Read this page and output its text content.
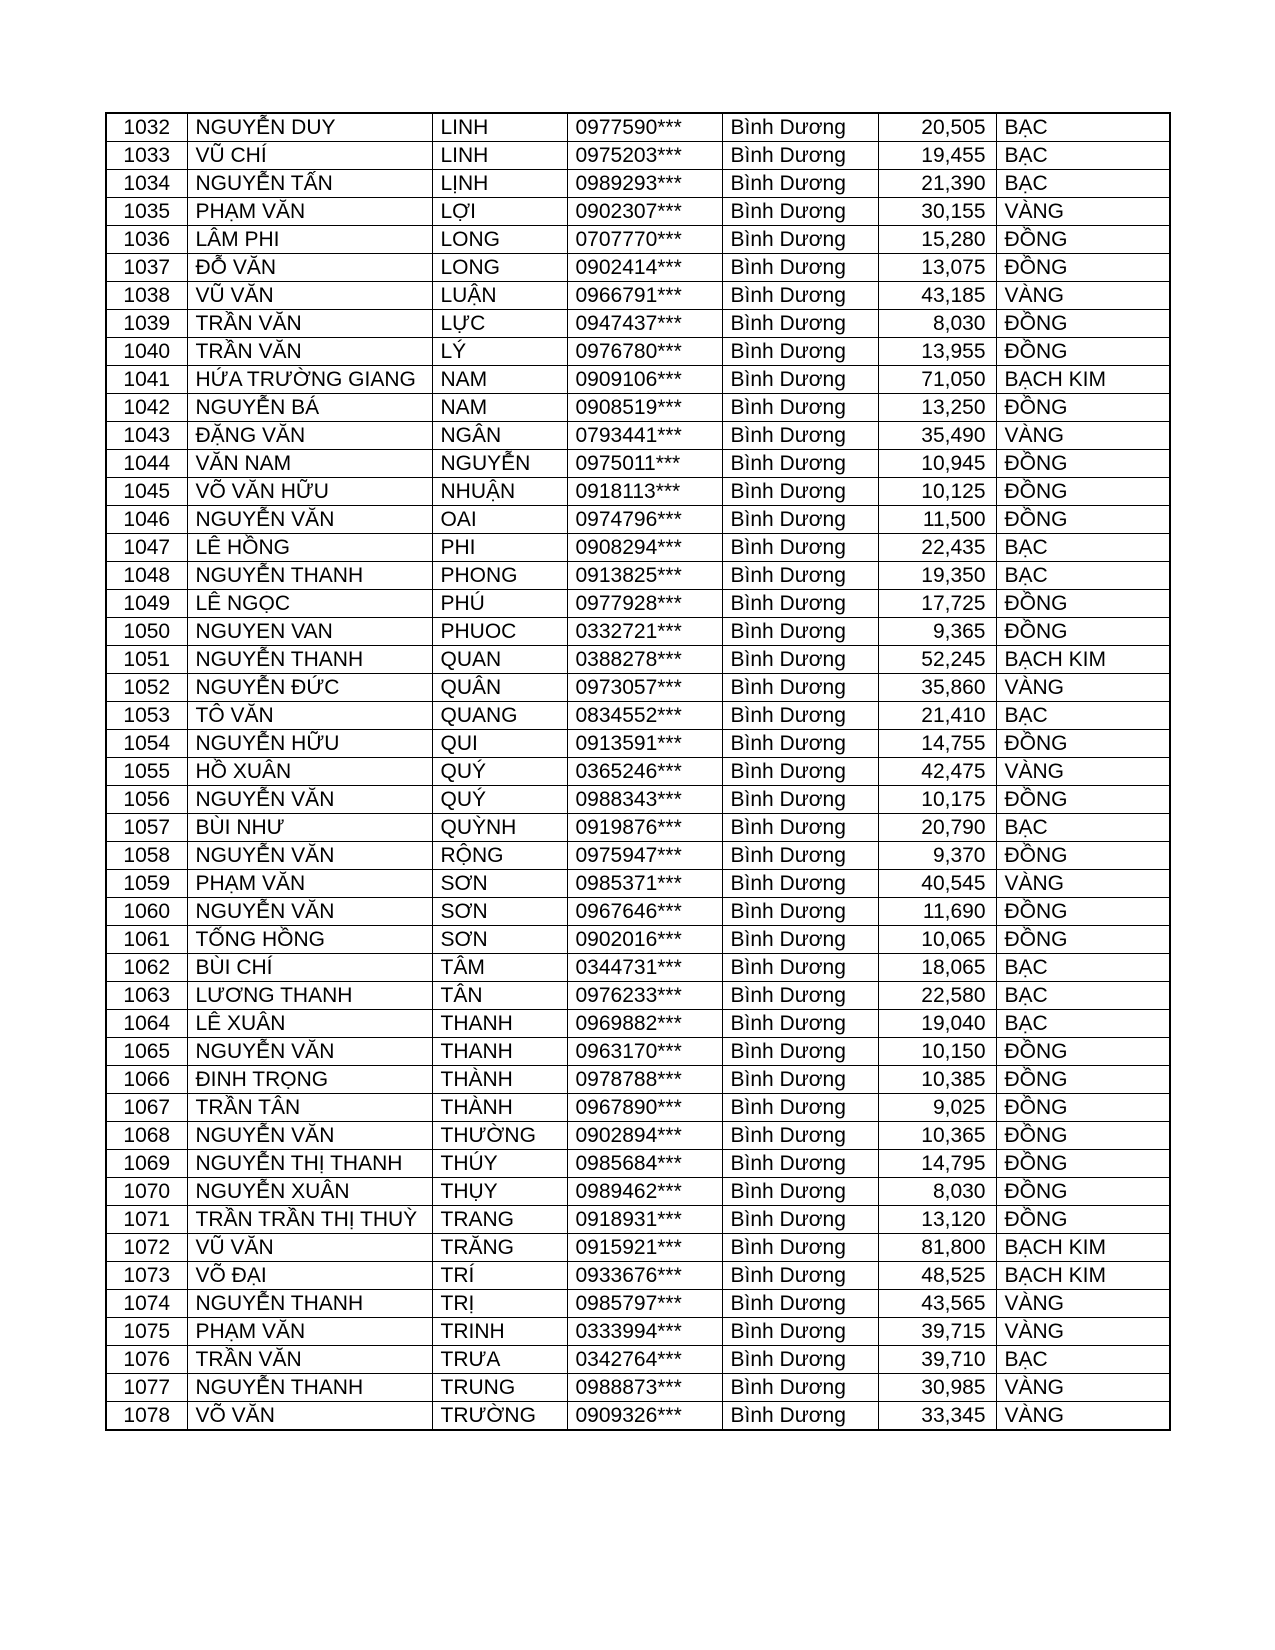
1032	NGUYỄN DUY	LINH	0977590***	Bình Dương	20,505	BẠC
1033	VŨ CHÍ	LINH	0975203***	Bình Dương	19,455	BẠC
1034	NGUYỄN TẤN	LỊNH	0989293***	Bình Dương	21,390	BẠC
1035	PHẠM VĂN	LỢI	0902307***	Bình Dương	30,155	VÀNG
1036	LÂM PHI	LONG	0707770***	Bình Dương	15,280	ĐỒNG
1037	ĐỖ VĂN	LONG	0902414***	Bình Dương	13,075	ĐỒNG
1038	VŨ VĂN	LUẬN	0966791***	Bình Dương	43,185	VÀNG
1039	TRẦN VĂN	LỰC	0947437***	Bình Dương	8,030	ĐỒNG
1040	TRẦN VĂN	LÝ	0976780***	Bình Dương	13,955	ĐỒNG
1041	HỨA TRƯỜNG GIANG	NAM	0909106***	Bình Dương	71,050	BẠCH KIM
1042	NGUYỄN BÁ	NAM	0908519***	Bình Dương	13,250	ĐỒNG
1043	ĐẶNG VĂN	NGÂN	0793441***	Bình Dương	35,490	VÀNG
1044	VĂN NAM	NGUYỄN	0975011***	Bình Dương	10,945	ĐỒNG
1045	VÕ VĂN HỮU	NHUẬN	0918113***	Bình Dương	10,125	ĐỒNG
1046	NGUYỄN VĂN	OAI	0974796***	Bình Dương	11,500	ĐỒNG
1047	LÊ HỒNG	PHI	0908294***	Bình Dương	22,435	BẠC
1048	NGUYỄN THANH	PHONG	0913825***	Bình Dương	19,350	BẠC
1049	LÊ NGỌC	PHÚ	0977928***	Bình Dương	17,725	ĐỒNG
1050	NGUYEN VAN	PHUOC	0332721***	Bình Dương	9,365	ĐỒNG
1051	NGUYỄN THANH	QUAN	0388278***	Bình Dương	52,245	BẠCH KIM
1052	NGUYỄN ĐỨC	QUÂN	0973057***	Bình Dương	35,860	VÀNG
1053	TÔ VĂN	QUANG	0834552***	Bình Dương	21,410	BẠC
1054	NGUYỄN HỮU	QUI	0913591***	Bình Dương	14,755	ĐỒNG
1055	HỒ XUÂN	QUÝ	0365246***	Bình Dương	42,475	VÀNG
1056	NGUYỄN VĂN	QUÝ	0988343***	Bình Dương	10,175	ĐỒNG
1057	BÙI NHƯ	QUỲNH	0919876***	Bình Dương	20,790	BẠC
1058	NGUYỄN VĂN	RỘNG	0975947***	Bình Dương	9,370	ĐỒNG
1059	PHẠM VĂN	SƠN	0985371***	Bình Dương	40,545	VÀNG
1060	NGUYỄN VĂN	SƠN	0967646***	Bình Dương	11,690	ĐỒNG
1061	TỐNG HỒNG	SƠN	0902016***	Bình Dương	10,065	ĐỒNG
1062	BÙI CHÍ	TÂM	0344731***	Bình Dương	18,065	BẠC
1063	LƯƠNG THANH	TÂN	0976233***	Bình Dương	22,580	BẠC
1064	LÊ XUÂN	THANH	0969882***	Bình Dương	19,040	BẠC
1065	NGUYỄN VĂN	THANH	0963170***	Bình Dương	10,150	ĐỒNG
1066	ĐINH TRỌNG	THÀNH	0978788***	Bình Dương	10,385	ĐỒNG
1067	TRẦN TÂN	THÀNH	0967890***	Bình Dương	9,025	ĐỒNG
1068	NGUYỄN VĂN	THƯỜNG	0902894***	Bình Dương	10,365	ĐỒNG
1069	NGUYỄN THỊ THANH	THÚY	0985684***	Bình Dương	14,795	ĐỒNG
1070	NGUYỄN XUÂN	THỤY	0989462***	Bình Dương	8,030	ĐỒNG
1071	TRẦN TRẦN THỊ THUỲ	TRANG	0918931***	Bình Dương	13,120	ĐỒNG
1072	VŨ VĂN	TRĂNG	0915921***	Bình Dương	81,800	BẠCH KIM
1073	VÕ ĐẠI	TRÍ	0933676***	Bình Dương	48,525	BẠCH KIM
1074	NGUYỄN THANH	TRỊ	0985797***	Bình Dương	43,565	VÀNG
1075	PHẠM VĂN	TRINH	0333994***	Bình Dương	39,715	VÀNG
1076	TRẦN VĂN	TRƯA	0342764***	Bình Dương	39,710	BẠC
1077	NGUYỄN THANH	TRUNG	0988873***	Bình Dương	30,985	VÀNG
1078	VÕ VĂN	TRƯỜNG	0909326***	Bình Dương	33,345	VÀNG
